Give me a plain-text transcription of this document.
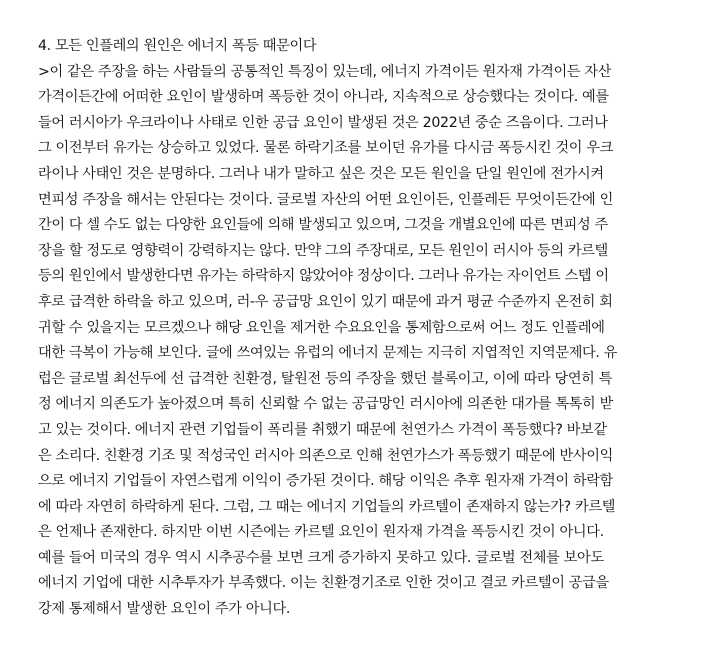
4. 모든 인플레의 원인은 에너지 폭등 때문이다
>이 같은 주장을 하는 사람들의 공통적인 특징이 있는데, 에너지 가격이든 원자재 가격이든 자산
가격이든간에 어떠한 요인이 발생하며 폭등한 것이 아니라, 지속적으로 상승했다는 것이다. 예를
들어 러시아가 우크라이나 사태로 인한 공급 요인이 발생된 것은 2022년 중순 즈음이다. 그러나
그 이전부터 유가는 상승하고 있었다. 물론 하락기조를 보이던 유가를 다시금 폭등시킨 것이 우크
라이나 사태인 것은 분명하다. 그러나 내가 말하고 싶은 것은 모든 원인을 단일 원인에 전가시켜
면피성 주장을 해서는 안된다는 것이다. 글로벌 자산의 어떤 요인이든, 인플레든 무엇이든간에 인
간이 다 셀 수도 없는 다양한 요인들에 의해 발생되고 있으며, 그것을 개별요인에 따른 면피성 주
장을 할 정도로 영향력이 강력하지는 않다. 만약 그의 주장대로, 모든 원인이 러시아 등의 카르텔
등의 원인에서 발생한다면 유가는 하락하지 않았어야 정상이다. 그러나 유가는 자이언트 스텝 이
후로 급격한 하락을 하고 있으며, 러-우 공급망 요인이 있기 때문에 과거 평균 수준까지 온전히 회
귀할 수 있을지는 모르겠으나 해당 요인을 제거한 수요요인을 통제함으로써 어느 정도 인플레에
대한 극복이 가능해 보인다. 글에 쓰여있는 유럽의 에너지 문제는 지극히 지엽적인 지역문제다. 유
럽은 글로벌 최선두에 선 급격한 친환경, 탈원전 등의 주장을 했던 블록이고, 이에 따라 당연히 특
정 에너지 의존도가 높아졌으며 특히 신뢰할 수 없는 공급망인 러시아에 의존한 대가를 톡톡히 받
고 있는 것이다. 에너지 관련 기업들이 폭리를 취했기 때문에 천연가스 가격이 폭등했다? 바보같
은 소리다. 친환경 기조 및 적성국인 러시아 의존으로 인해 천연가스가 폭등했기 때문에 반사이익
으로 에너지 기업들이 자연스럽게 이익이 증가된 것이다. 해당 이익은 추후 원자재 가격이 하락함
에 따라 자연히 하락하게 된다. 그럼, 그 때는 에너지 기업들의 카르텔이 존재하지 않는가? 카르텔
은 언제나 존재한다. 하지만 이번 시즌에는 카르텔 요인이 원자재 가격을 폭등시킨 것이 아니다.
예를 들어 미국의 경우 역시 시추공수를 보면 크게 증가하지 못하고 있다. 글로벌 전체를 보아도
에너지 기업에 대한 시추투자가 부족했다. 이는 친환경기조로 인한 것이고 결코 카르텔이 공급을
강제 통제해서 발생한 요인이 주가 아니다.
